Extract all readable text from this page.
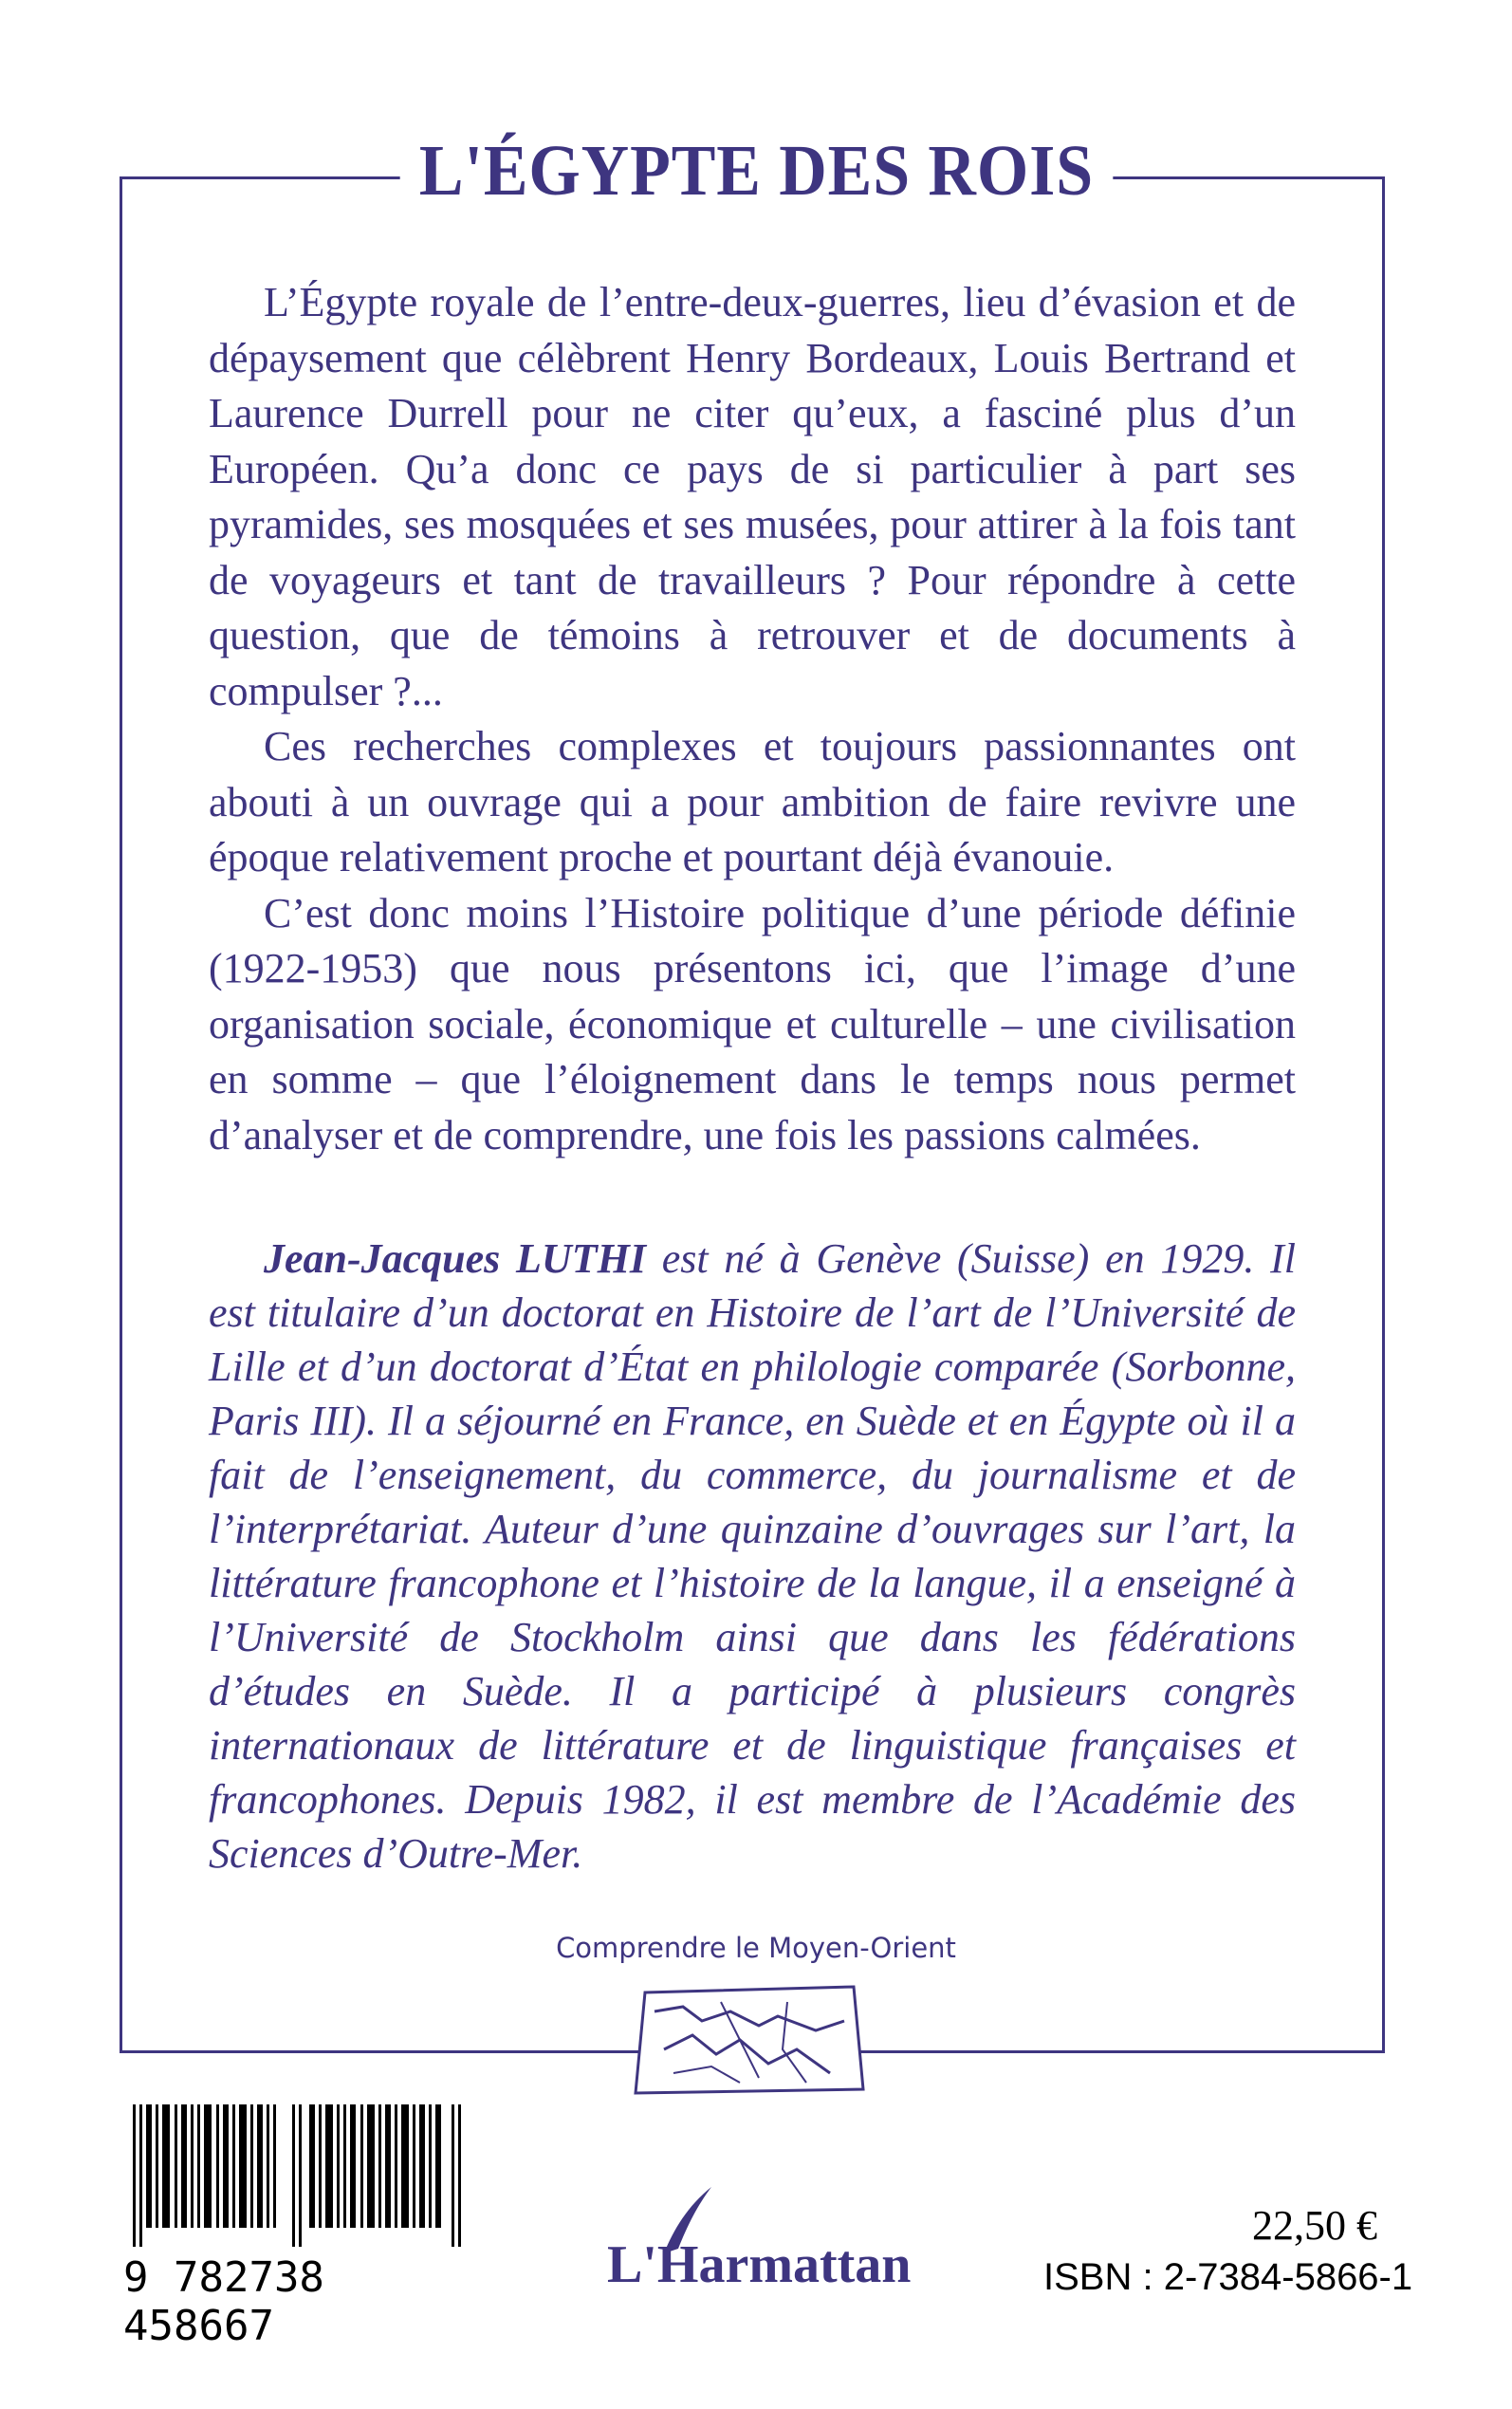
L'ÉGYPTE DES ROIS

L’Égypte royale de l’entre-deux-guerres, lieu d’évasion et de dépaysement que célèbrent Henry Bordeaux, Louis Bertrand et Laurence Durrell pour ne citer qu’eux, a fasciné plus d’un Européen. Qu’a donc ce pays de si particulier à part ses pyramides, ses mosquées et ses musées, pour attirer à la fois tant de voyageurs et tant de travailleurs ? Pour répondre à cette question, que de témoins à retrouver et de documents à compulser ?...

Ces recherches complexes et toujours passionnantes ont abouti à un ouvrage qui a pour ambition de faire revivre une époque relativement proche et pourtant déjà évanouie.

C’est donc moins l’Histoire politique d’une période définie (1922-1953) que nous présentons ici, que l’image d’une organisation sociale, économique et culturelle – une civilisation en somme – que l’éloignement dans le temps nous permet d’analyser et de comprendre, une fois les passions calmées.

Jean-Jacques LUTHI est né à Genève (Suisse) en 1929. Il est titulaire d’un doctorat en Histoire de l’art de l’Université de Lille et d’un doctorat d’État en philologie comparée (Sorbonne, Paris III). Il a séjourné en France, en Suède et en Égypte où il a fait de l’enseignement, du commerce, du journalisme et de l’interprétariat. Auteur d’une quinzaine d’ouvrages sur l’art, la littérature francophone et l’histoire de la langue, il a enseigné à l’Université de Stockholm ainsi que dans les fédérations d’études en Suède. Il a participé à plusieurs congrès internationaux de littérature et de linguistique françaises et francophones. Depuis 1982, il est membre de l’Académie des Sciences d’Outre-Mer.

Comprendre le Moyen-Orient
9 782738 458667
L'Harmattan
22,50 €
ISBN : 2-7384-5866-1
